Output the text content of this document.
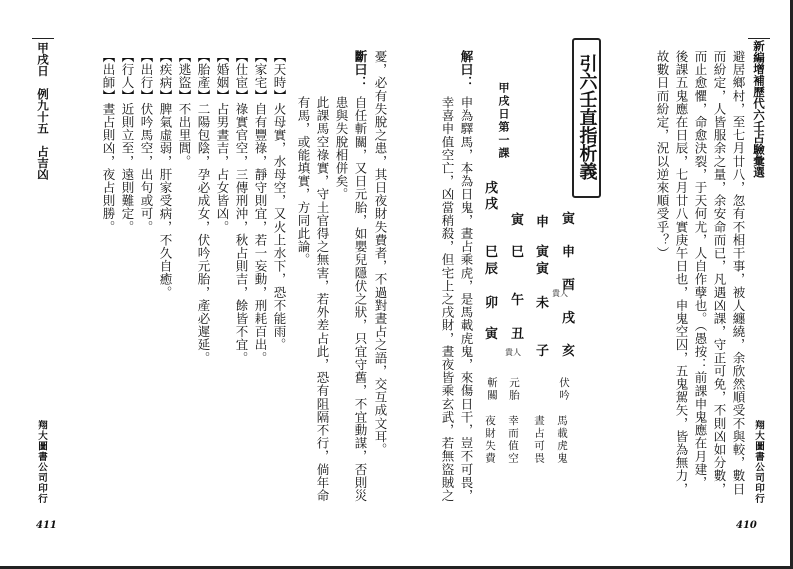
新編增補歷代六壬占驗彙選
避居鄉村，至七月廿八，忽有不相干事，被人纏繞，余欣然順受不與較，數日
而紛定，人皆服余之量，余安命而已，凡遇凶課，守正可免，不則凶如分數，
而止愈懼，命愈決裂，于天何尤，人自作孽也。（愚按：前課申鬼應在月建，
後課五鬼應在日辰，七月廿八實庚午日也，申鬼空囚，五鬼駕矢，皆為無力，
故數日而紛定，況以逆來順受乎？）
引六壬直指析義
甲戌日第一課
寅
申
寅
申
酉
戌
亥
寅
寅
未
貴人
子
巳
午
丑
貴人
戌
戌
巳
辰
卯
寅
伏吟
元胎
斬關
馬載虎鬼
晝占可畏
幸而值空
夜財失費
解曰：
申為驛馬，本為日鬼，晝占乘虎，是馬載虎鬼，來傷日干，豈不可畏，
幸喜申值空亡，凶當稍殺，但宅上之戌財，晝夜皆乘玄武，若無盜賊之	翔大圖書公司印行
410
憂，必有失脫之患，其日夜財失費者，不過對晝占之語，交互成文耳。
斷曰：
自任斬關，又日元胎，如嬰兒隱伏之狀，只宜守舊，不宜動謀，否則災
患與失脫相併矣。
此課馬空祿實，守土官得之無害，若外差占此，恐有阻隔不行，倘年命
有馬，或能填實，方同此論。
【天時】火母實，水母空，又火上水下，恐不能雨。
【家宅】自有豐祿，靜守則宜，若一妄動，刑耗百出。
【仕宦】祿實官空，三傳刑沖，秋占則吉，餘皆不宜。
【婚姻】占男晝吉，占女皆凶。
【胎產】二陽包陰，孕必成女，伏吟元胎，產必遲延。
【逃盜】不出里閭。
【疾病】脾氣虛弱，肝家受病，不久自癒。
【出行】伏吟馬空，出句或可。
【行人】近則立至，遠則難定。
【出師】晝占則凶，夜占則勝。
甲戌日　例九十五　占吉凶
翔大圖書公司印行
411
